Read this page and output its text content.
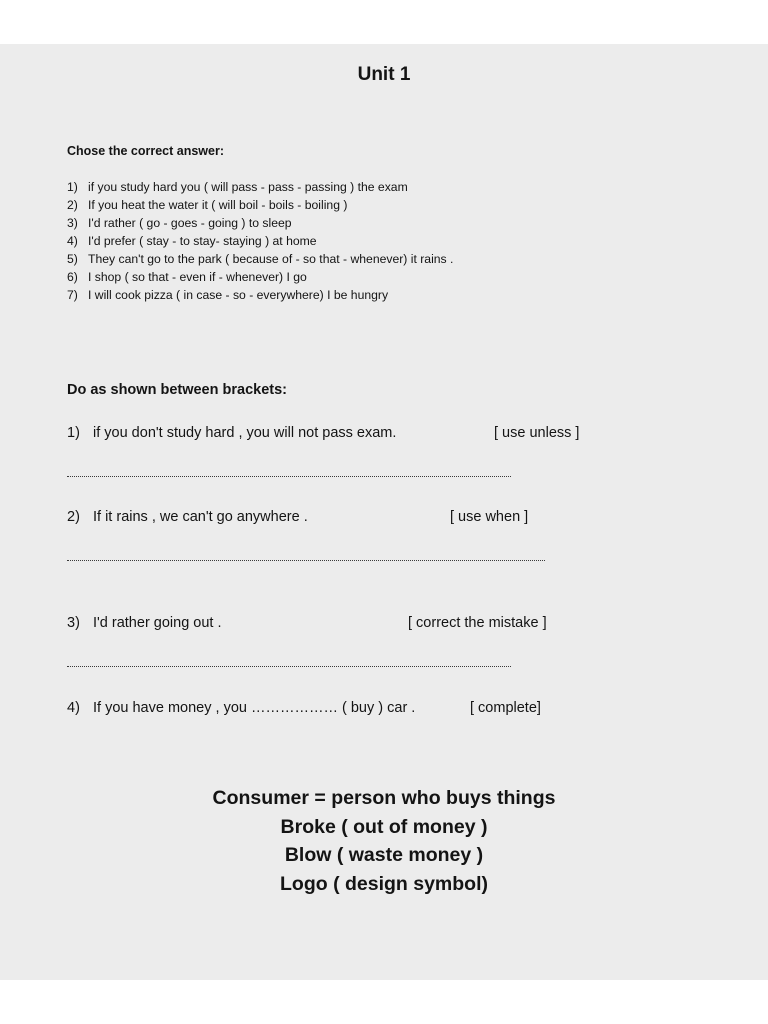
Unit 1
Chose the correct answer:
1) if you study hard you ( will pass - pass - passing ) the exam
2) If you heat the water it ( will boil - boils - boiling )
3) I'd rather ( go - goes - going ) to sleep
4) I'd prefer ( stay - to stay- staying ) at home
5) They can't go to the park ( because of - so that - whenever) it rains .
6) I shop ( so that - even if - whenever) I go
7) I will cook pizza ( in case - so - everywhere) I be hungry
Do as shown between brackets:
1) if you don't study hard , you will not pass exam.	[ use unless ]
2) If it rains , we can't go anywhere .	[ use when ]
3) I'd rather going out .	[ correct the mistake ]
4) If you have money , you ……………… ( buy ) car .	[ complete]
Consumer = person who buys things
Broke ( out of money )
Blow ( waste money )
Logo ( design symbol)
